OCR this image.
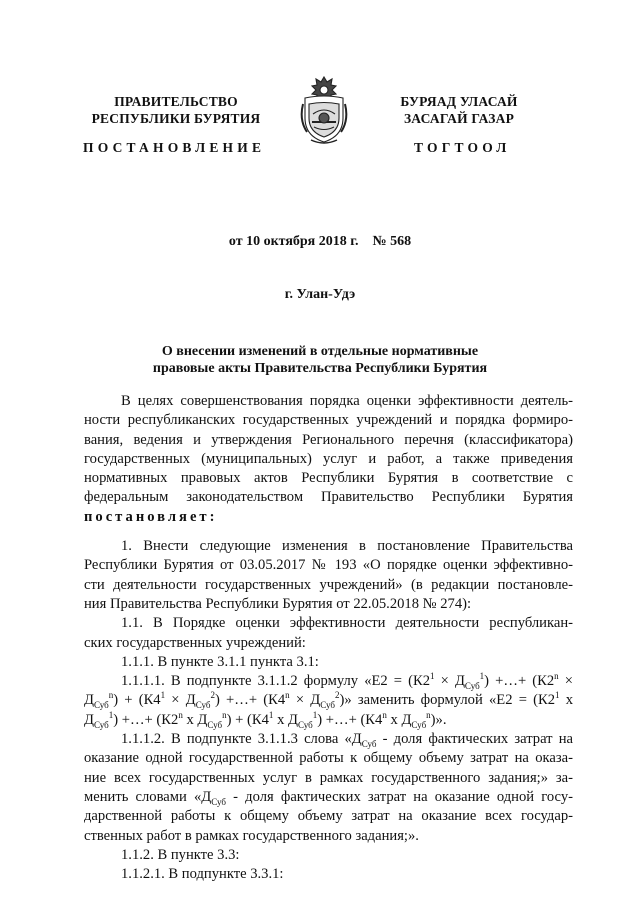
ПРАВИТЕЛЬСТВО
РЕСПУБЛИКИ БУРЯТИЯ
БУРЯАД УЛАСАЙ
ЗАСАГАЙ ГАЗАР
ПОСТАНОВЛЕНИЕ	ТОГТООЛ
от 10 октября 2018 г.    № 568
г. Улан-Удэ
О внесении изменений в отдельные нормативные
правовые акты Правительства Республики Бурятия

В целях совершенствования порядка оценки эффективности деятель-

ности республиканских государственных учреждений и порядка формиро-

вания, ведения и утверждения Регионального перечня (классификатора)

государственных (муниципальных) услуг и работ, а также приведения

нормативных правовых актов Республики Бурятия в соответствие с

федеральным законодательством Правительство Республики Бурятия

постановляет:

1. Внести следующие изменения в постановление Правительства

Республики Бурятия от 03.05.2017 № 193 «О порядке оценки эффективно-

сти деятельности государственных учреждений» (в редакции постановле-

ния Правительства Республики Бурятия от 22.05.2018 № 274):

1.1. В Порядке оценки эффективности деятельности республикан-

ских государственных учреждений:

1.1.1. В пункте 3.1.1 пункта 3.1:

1.1.1.1. В подпункте 3.1.1.2 формулу «$Е2 = (К2^1 \times Д_{Суб}^1)$ +…+ ($К2^n$ ×

$Д_{Суб}^n) + (К4^1 \times Д_{Суб}^2)$ +…+ $(К4^n \times Д_{Суб}^2)$» заменить формулой «$Е2 = (К2^1$ х

$Д_{Суб}^1$) +…+ ($К2^n$ х $Д_{Суб}^n) + (К4^1$ х $Д_{Суб}^1$) +…+ ($К4^n$ х $Д_{Суб}^n$)».

1.1.1.2. В подпункте 3.1.1.3 слова «$Д_{Суб}$ - доля фактических затрат на

оказание одной государственной работы к общему объему затрат на оказа-

ние всех государственных услуг в рамках государственного задания;» за-

менить словами «$Д_{Суб}$ - доля фактических затрат на оказание одной госу-

дарственной работы к общему объему затрат на оказание всех государ-

ственных работ в рамках государственного задания;».

1.1.2. В пункте 3.3:

1.1.2.1. В подпункте 3.3.1:
